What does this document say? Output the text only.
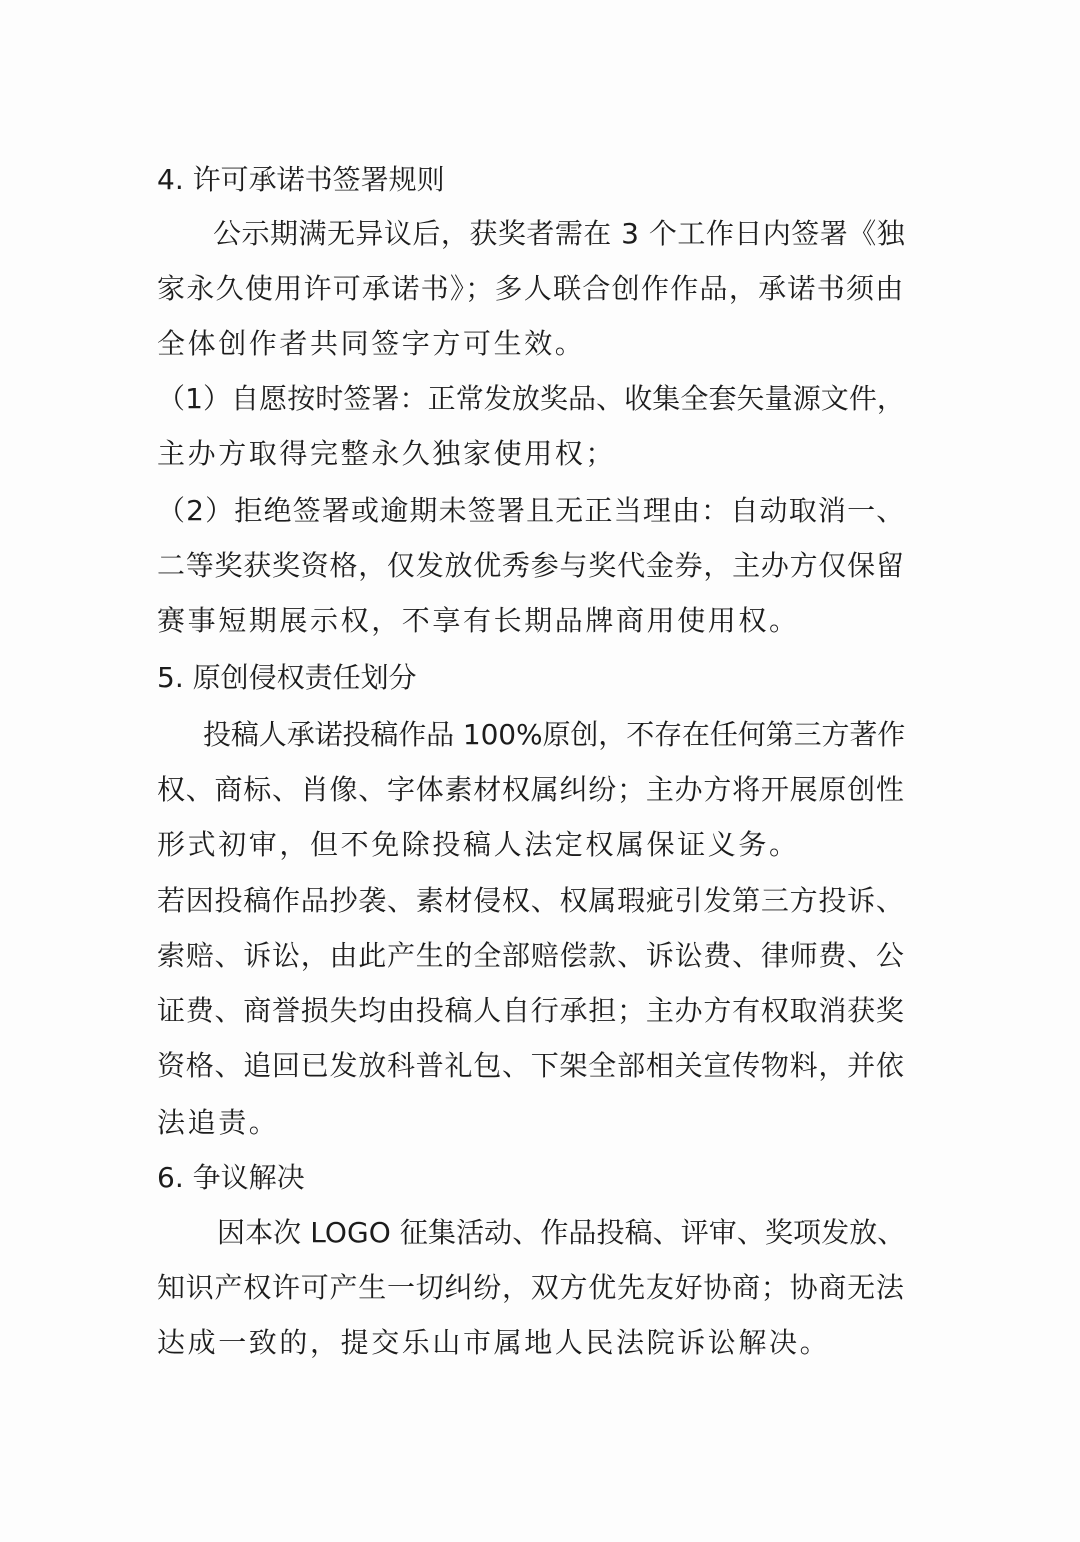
4. 许可承诺书签署规则
公示期满无异议后，获奖者需在 3 个工作日内签署《独
家永久使用许可承诺书》；多人联合创作作品，承诺书须由
全体创作者共同签字方可生效。
（1）自愿按时签署：正常发放奖品、收集全套矢量源文件，
主办方取得完整永久独家使用权；
（2）拒绝签署或逾期未签署且无正当理由：自动取消一、
二等奖获奖资格，仅发放优秀参与奖代金券，主办方仅保留
赛事短期展示权，不享有长期品牌商用使用权。
5. 原创侵权责任划分
投稿人承诺投稿作品 100%原创，不存在任何第三方著作
权、商标、肖像、字体素材权属纠纷；主办方将开展原创性
形式初审，但不免除投稿人法定权属保证义务。
若因投稿作品抄袭、素材侵权、权属瑕疵引发第三方投诉、
索赔、诉讼，由此产生的全部赔偿款、诉讼费、律师费、公
证费、商誉损失均由投稿人自行承担；主办方有权取消获奖
资格、追回已发放科普礼包、下架全部相关宣传物料，并依
法追责。
6. 争议解决
因本次 LOGO 征集活动、作品投稿、评审、奖项发放、
知识产权许可产生一切纠纷，双方优先友好协商；协商无法
达成一致的，提交乐山市属地人民法院诉讼解决。
